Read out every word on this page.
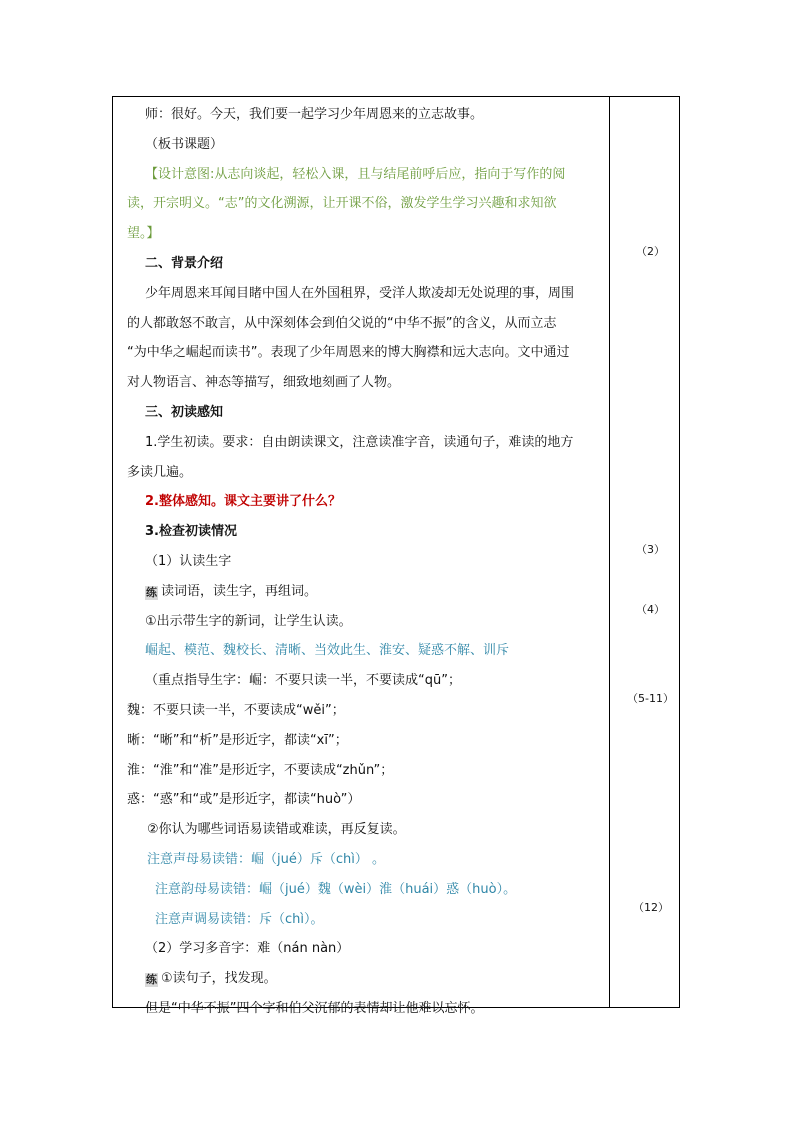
师：很好。今天，我们要一起学习少年周恩来的立志故事。
（板书课题）
【设计意图:从志向谈起，轻松入课，且与结尾前呼后应，指向于写作的阅
读，开宗明义。“志”的文化溯源，让开课不俗，激发学生学习兴趣和求知欲
望。】
二、背景介绍
少年周恩来耳闻目睹中国人在外国租界，受洋人欺凌却无处说理的事，周围
的人都敢怒不敢言，从中深刻体会到伯父说的“中华不振”的含义，从而立志
“为中华之崛起而读书”。表现了少年周恩来的博大胸襟和远大志向。文中通过
对人物语言、神态等描写，细致地刻画了人物。
三、初读感知
1.学生初读。要求：自由朗读课文，注意读准字音，读通句子，难读的地方
多读几遍。
2.整体感知。课文主要讲了什么？
3.检查初读情况
（1）认读生字
练 读词语，读生字，再组词。
①出示带生字的新词，让学生认读。
崛起、模范、魏校长、清晰、当效此生、淮安、疑惑不解、训斥
（重点指导生字：崛：不要只读一半，不要读成“qū”；
魏：不要只读一半，不要读成“wěi”；
晰：“晰”和“析”是形近字，都读“xī”；
淮：“淮”和“准”是形近字，不要读成“zhǔn”；
惑：“惑”和“或”是形近字，都读“huò”）
②你认为哪些词语易读错或难读，再反复读。
注意声母易读错：崛（jué）斥（chì） 。
注意韵母易读错：崛（jué）魏（wèi）淮（huái）惑（huò）。
注意声调易读错：斥（chì）。
（2）学习多音字：难（nán nàn）
练 ①读句子，找发现。
但是“中华不振”四个字和伯父沉郁的表情却让他难以忘怀。
（2）
（3）
（4）
（5-11）
（12）
